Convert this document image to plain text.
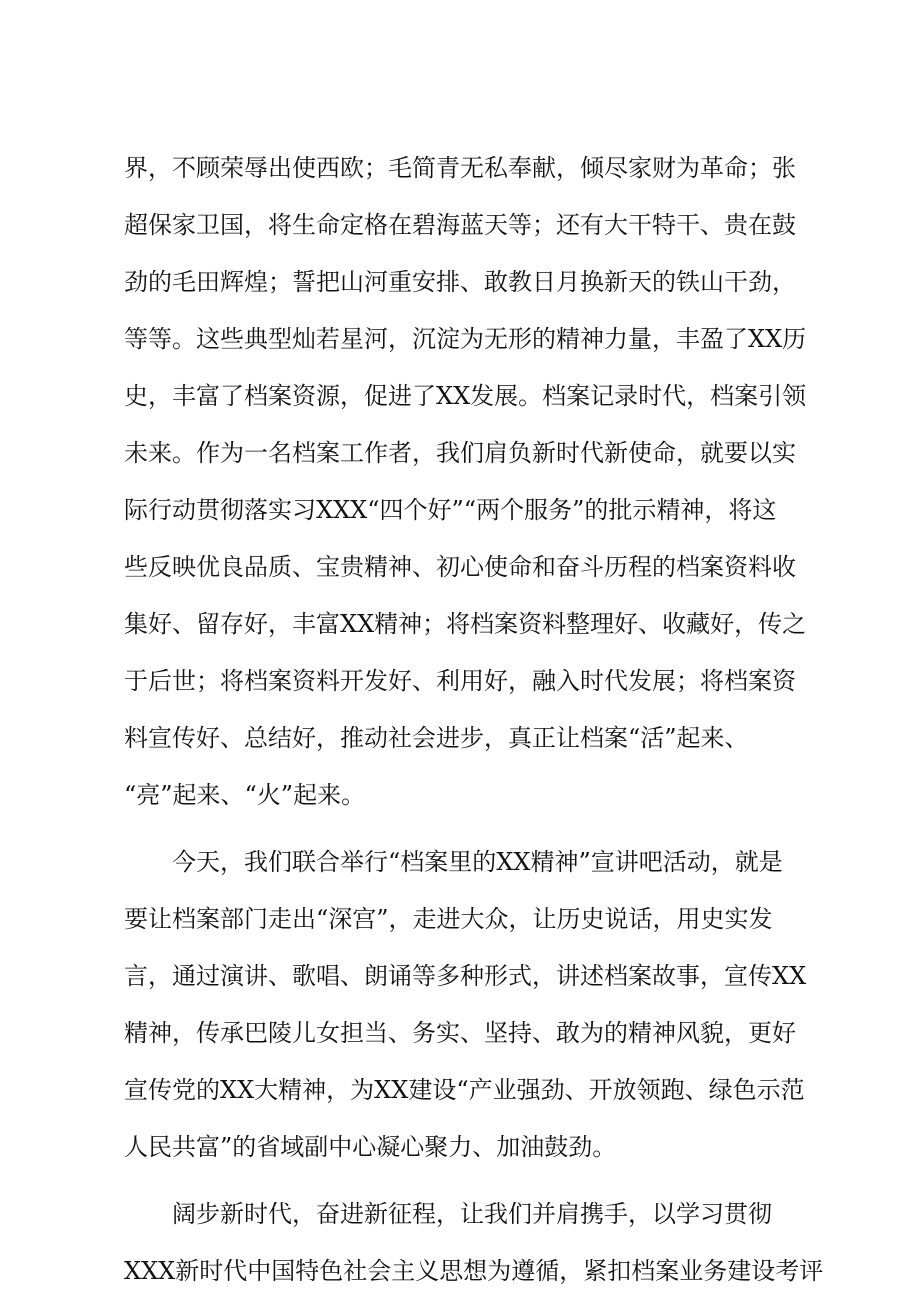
界，不顾荣辱出使西欧；毛简青无私奉献，倾尽家财为革命；张
超保家卫国，将生命定格在碧海蓝天等；还有大干特干、贵在鼓
劲的毛田辉煌；誓把山河重安排、敢教日月换新天的铁山干劲，
等等。这些典型灿若星河，沉淀为无形的精神力量，丰盈了XX历
史，丰富了档案资源，促进了XX发展。档案记录时代，档案引领
未来。作为一名档案工作者，我们肩负新时代新使命，就要以实
际行动贯彻落实习XXX“四个好”“两个服务”的批示精神，将这
些反映优良品质、宝贵精神、初心使命和奋斗历程的档案资料收
集好、留存好，丰富XX精神；将档案资料整理好、收藏好，传之
于后世；将档案资料开发好、利用好，融入时代发展；将档案资
料宣传好、总结好，推动社会进步，真正让档案“活”起来、
“亮”起来、“火”起来。
今天，我们联合举行“档案里的XX精神”宣讲吧活动，就是
要让档案部门走出“深宫”，走进大众，让历史说话，用史实发
言，通过演讲、歌唱、朗诵等多种形式，讲述档案故事，宣传XX
精神，传承巴陵儿女担当、务实、坚持、敢为的精神风貌，更好
宣传党的XX大精神，为XX建设“产业强劲、开放领跑、绿色示范
人民共富”的省域副中心凝心聚力、加油鼓劲。
阔步新时代，奋进新征程，让我们并肩携手，以学习贯彻
XXX新时代中国特色社会主义思想为遵循，紧扣档案业务建设考评
